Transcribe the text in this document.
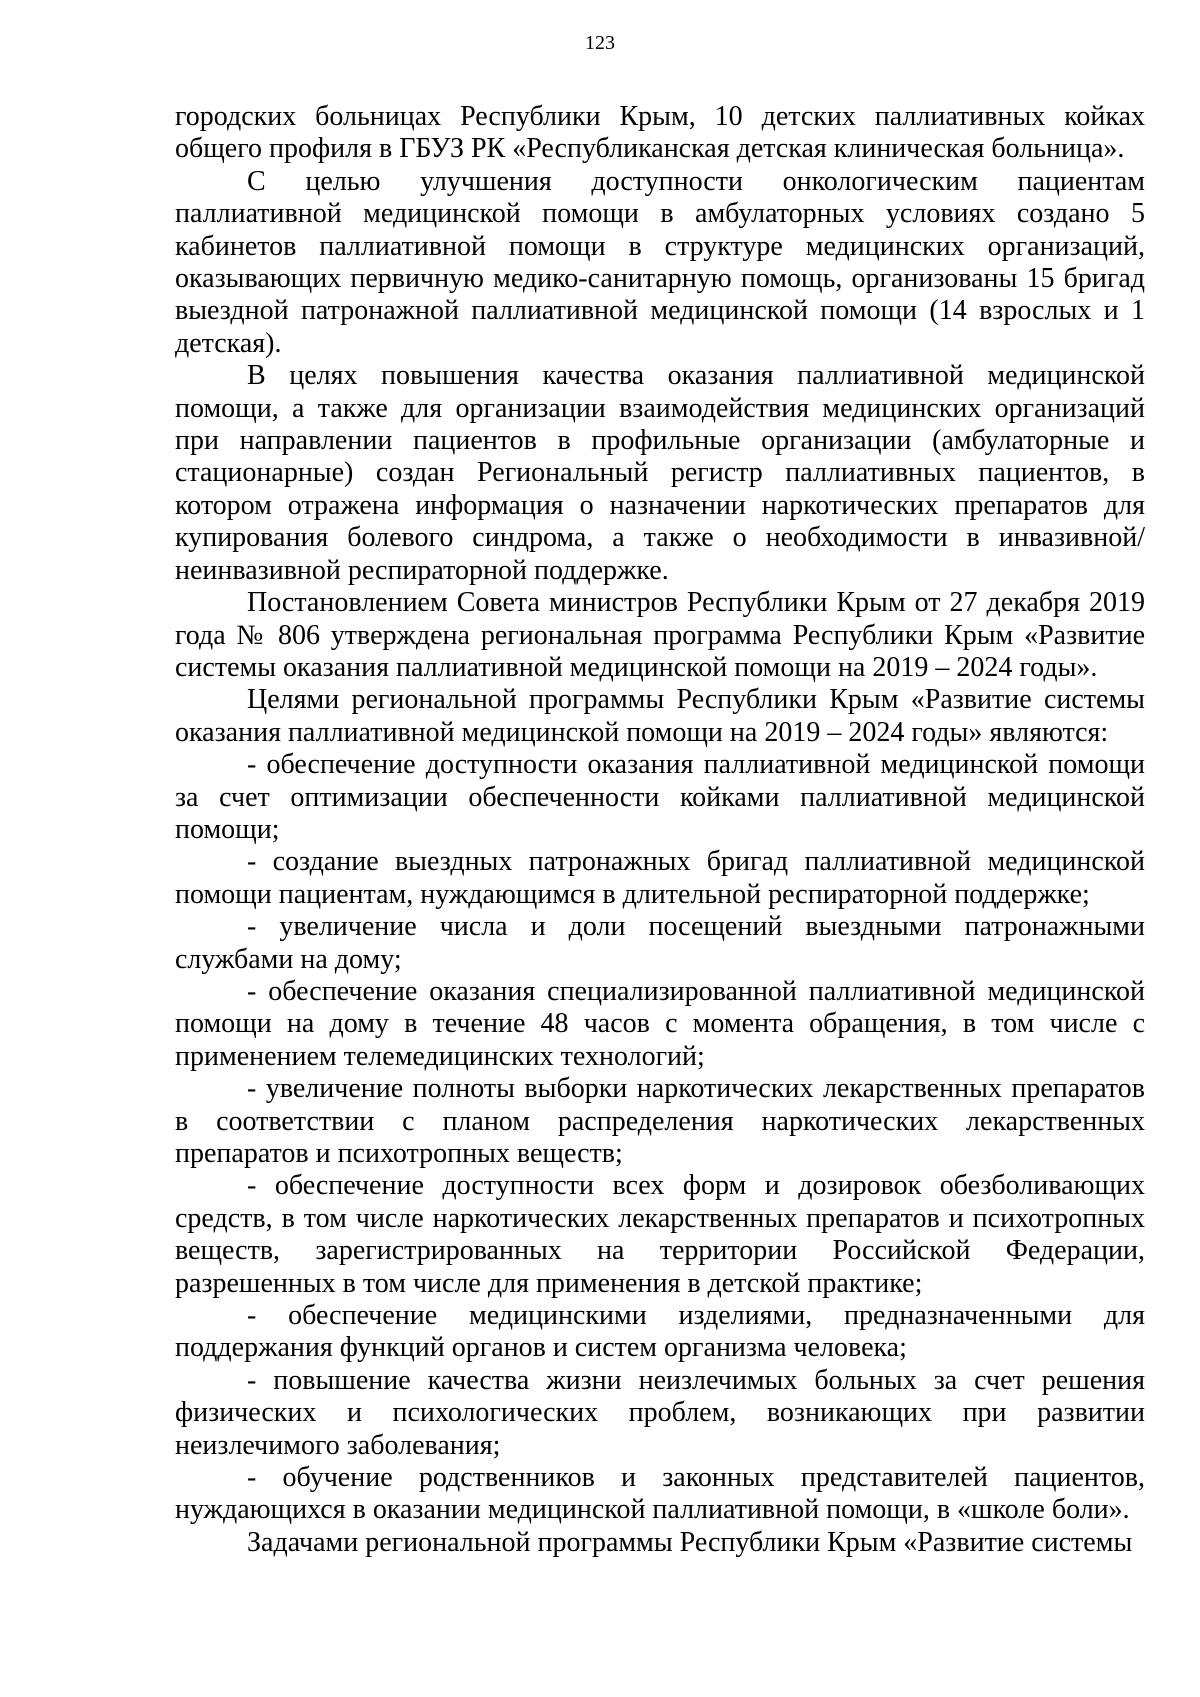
123

городских больницах Республики Крым, 10 детских паллиативных койках общего профиля в ГБУЗ РК «Республиканская детская клиническая больница».

С целью улучшения доступности онкологическим пациентам паллиативной медицинской помощи в амбулаторных условиях создано 5 кабинетов паллиативной помощи в структуре медицинских организаций, оказывающих первичную медико-санитарную помощь, организованы 15 бригад выездной патронажной паллиативной медицинской помощи (14 взрослых и 1 детская).

В целях повышения качества оказания паллиативной медицинской помощи, а также для организации взаимодействия медицинских организаций при направлении пациентов в профильные организации (амбулаторные и стационарные) создан Региональный регистр паллиативных пациентов, в котором отражена информация о назначении наркотических препаратов для купирования болевого синдрома, а также о необходимости в инвазивной/неинвазивной респираторной поддержке.

Постановлением Совета министров Республики Крым от 27 декабря 2019 года № 806 утверждена региональная программа Республики Крым «Развитие системы оказания паллиативной медицинской помощи на 2019 – 2024 годы».

Целями региональной программы Республики Крым «Развитие системы оказания паллиативной медицинской помощи на 2019 – 2024 годы» являются:

- обеспечение доступности оказания паллиативной медицинской помощи за счет оптимизации обеспеченности койками паллиативной медицинской помощи;

- создание выездных патронажных бригад паллиативной медицинской помощи пациентам, нуждающимся в длительной респираторной поддержке;

- увеличение числа и доли посещений выездными патронажными службами на дому;

- обеспечение оказания специализированной паллиативной медицинской помощи на дому в течение 48 часов с момента обращения, в том числе с применением телемедицинских технологий;

- увеличение полноты выборки наркотических лекарственных препаратов в соответствии с планом распределения наркотических лекарственных препаратов и психотропных веществ;

- обеспечение доступности всех форм и дозировок обезболивающих средств, в том числе наркотических лекарственных препаратов и психотропных веществ, зарегистрированных на территории Российской Федерации, разрешенных в том числе для применения в детской практике;

- обеспечение медицинскими изделиями, предназначенными для поддержания функций органов и систем организма человека;

- повышение качества жизни неизлечимых больных за счет решения физических и психологических проблем, возникающих при развитии неизлечимого заболевания;

- обучение родственников и законных представителей пациентов, нуждающихся в оказании медицинской паллиативной помощи, в «школе боли».

Задачами региональной программы Республики Крым «Развитие системы
